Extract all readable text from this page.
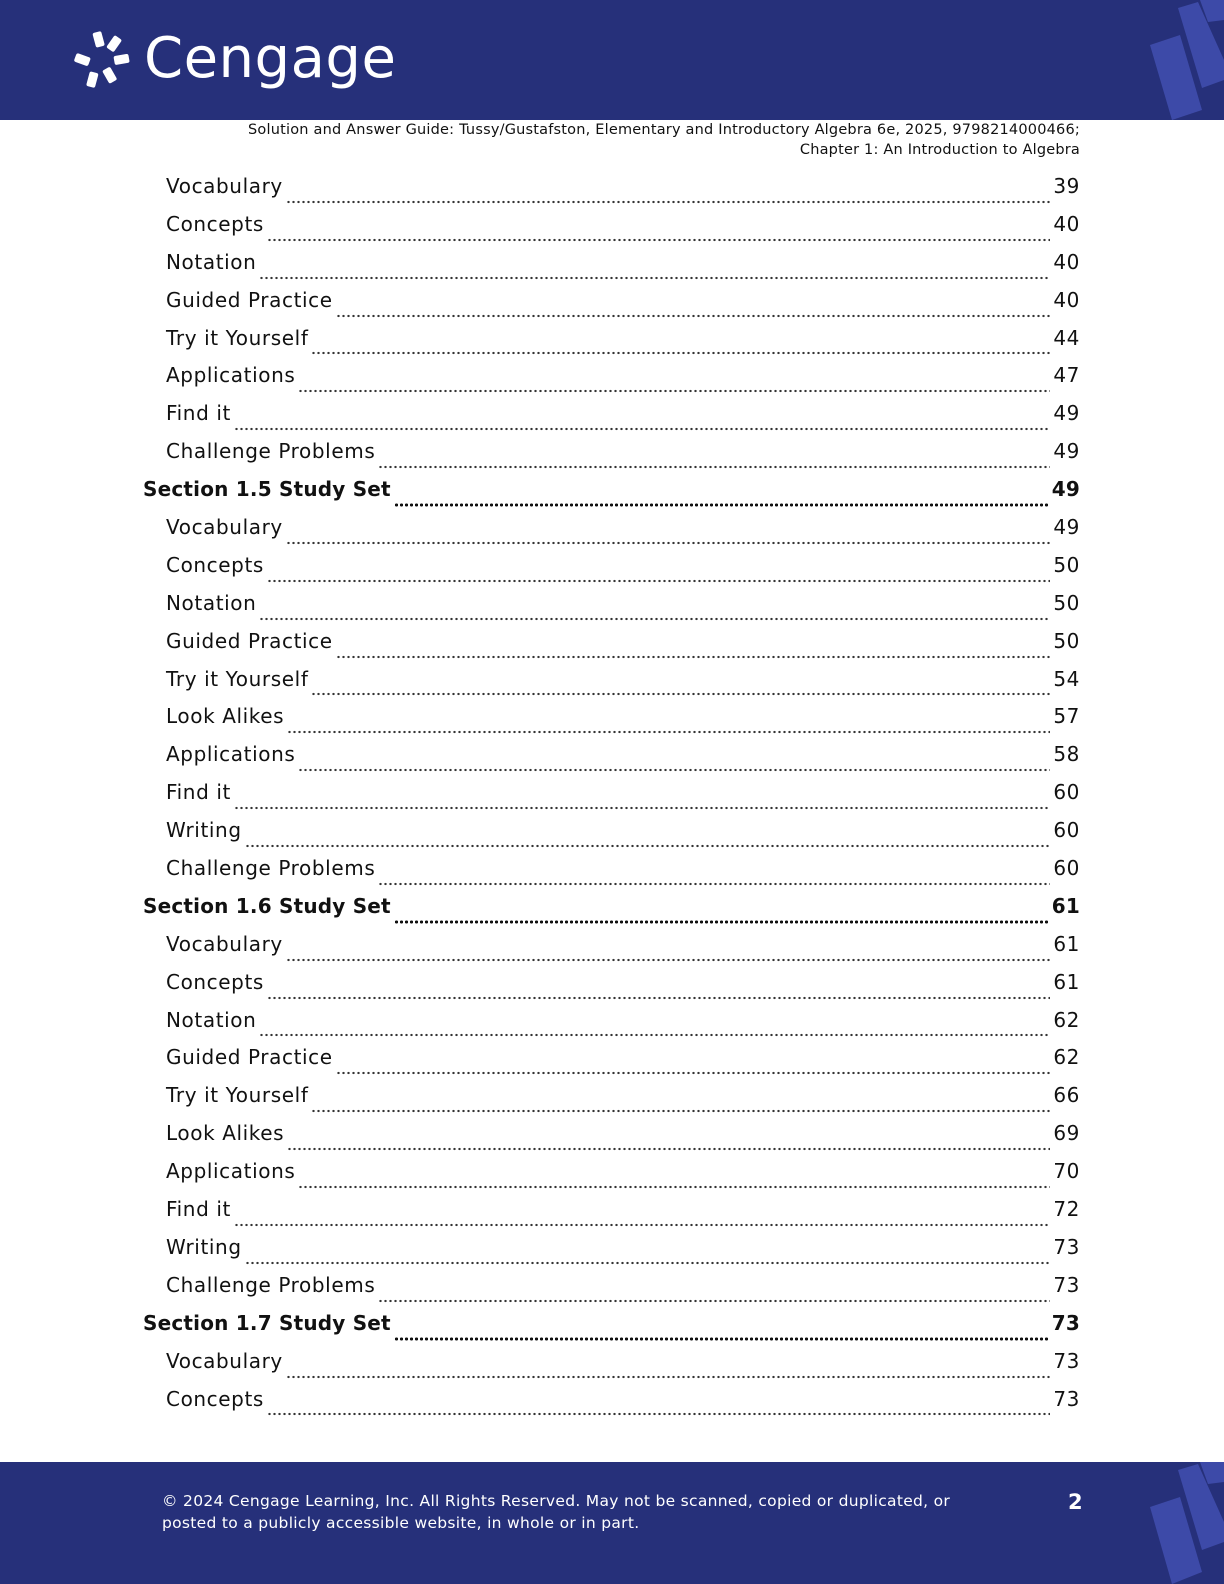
Cengage
Solution and Answer Guide: Tussy/Gustafston, Elementary and Introductory Algebra 6e, 2025, 9798214000466;
Chapter 1: An Introduction to Algebra
Vocabulary	39
Concepts	40
Notation	40
Guided Practice	40
Try it Yourself	44
Applications	47
Find it	49
Challenge Problems	49
Section 1.5 Study Set	49
Vocabulary	49
Concepts	50
Notation	50
Guided Practice	50
Try it Yourself	54
Look Alikes	57
Applications	58
Find it	60
Writing	60
Challenge Problems	60
Section 1.6 Study Set	61
Vocabulary	61
Concepts	61
Notation	62
Guided Practice	62
Try it Yourself	66
Look Alikes	69
Applications	70
Find it	72
Writing	73
Challenge Problems	73
Section 1.7 Study Set	73
Vocabulary	73
Concepts	73
© 2024 Cengage Learning, Inc. All Rights Reserved. May not be scanned, copied or duplicated, or
posted to a publicly accessible website, in whole or in part.
2
